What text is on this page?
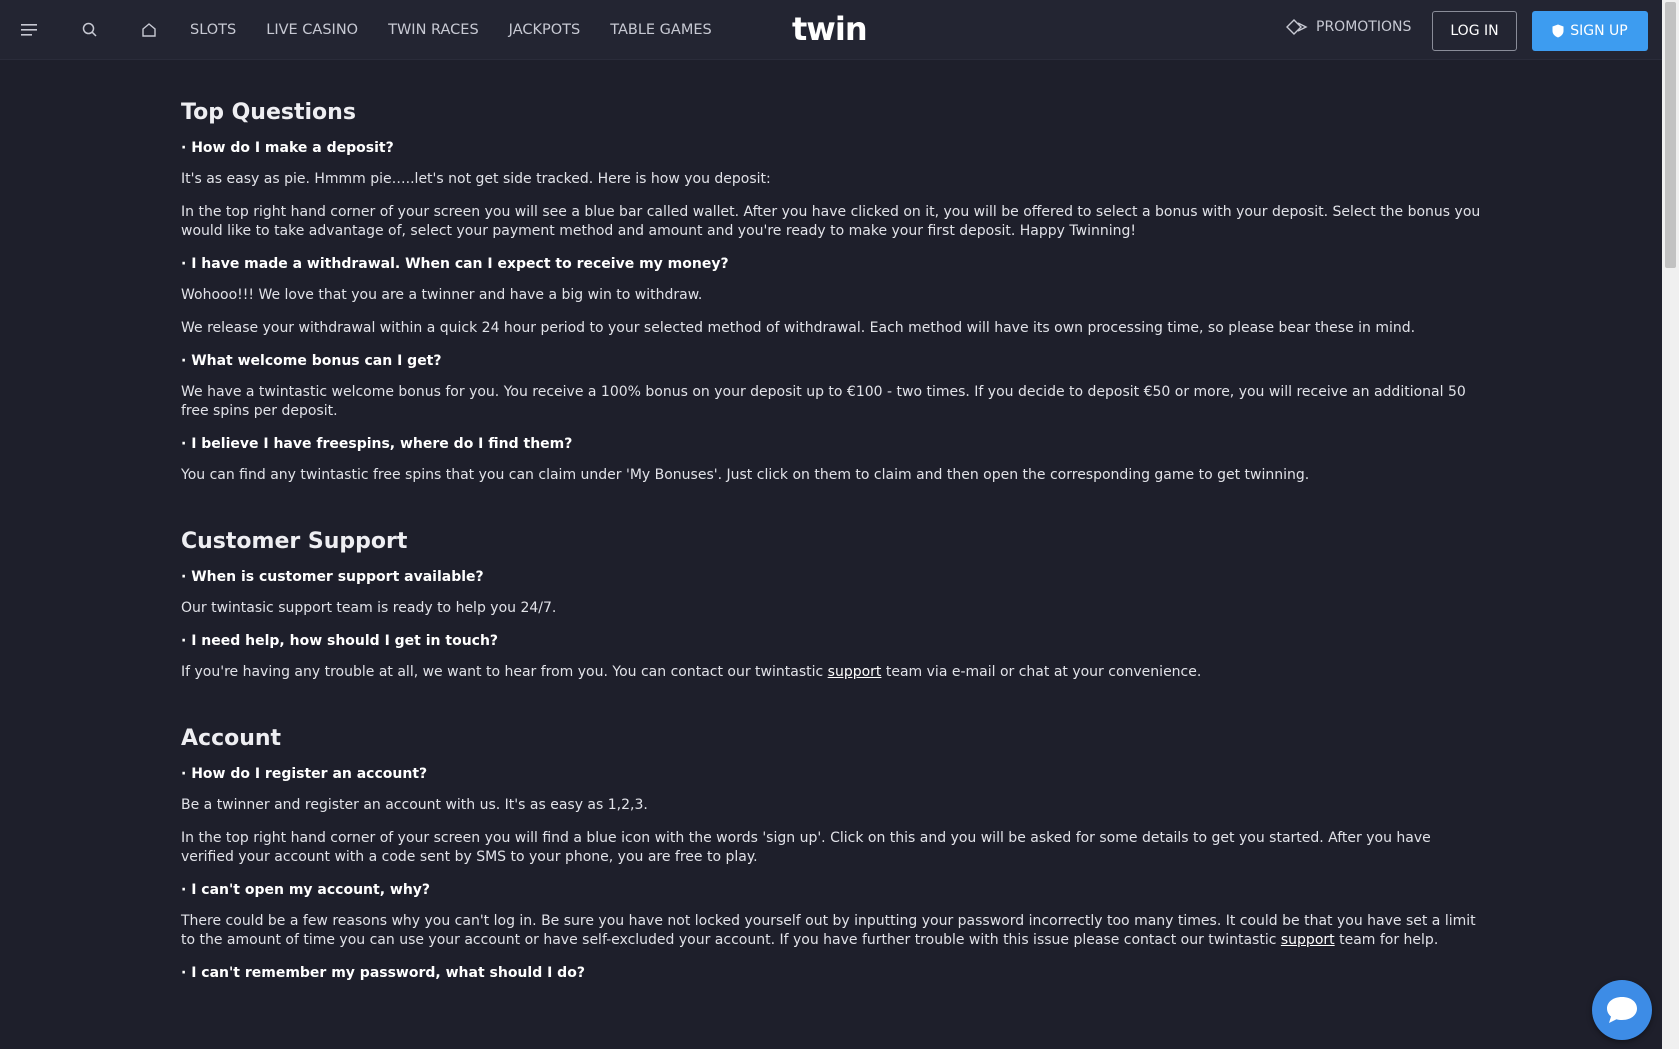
SLOTS LIVE CASINO TWIN RACES JACKPOTS TABLE GAMES	twin	PROMOTIONS	LOG IN	SIGN UP
Top Questions
· How do I make a deposit?
It's as easy as pie. Hmmm pie…..let's not get side tracked. Here is how you deposit:
In the top right hand corner of your screen you will see a blue bar called wallet. After you have clicked on it, you will be offered to select a bonus with your deposit. Select the bonus you would like to take advantage of, select your payment method and amount and you're ready to make your first deposit. Happy Twinning!
· I have made a withdrawal. When can I expect to receive my money?
Wohooo!!! We love that you are a twinner and have a big win to withdraw.
We release your withdrawal within a quick 24 hour period to your selected method of withdrawal. Each method will have its own processing time, so please bear these in mind.
· What welcome bonus can I get?
We have a twintastic welcome bonus for you. You receive a 100% bonus on your deposit up to €100 - two times. If you decide to deposit €50 or more, you will receive an additional 50 free spins per deposit.
· I believe I have freespins, where do I find them?
You can find any twintastic free spins that you can claim under 'My Bonuses'. Just click on them to claim and then open the corresponding game to get twinning.
Customer Support
· When is customer support available?
Our twintasic support team is ready to help you 24/7.
· I need help, how should I get in touch?
If you're having any trouble at all, we want to hear from you. You can contact our twintastic support team via e-mail or chat at your convenience.
Account
· How do I register an account?
Be a twinner and register an account with us. It's as easy as 1,2,3.
In the top right hand corner of your screen you will find a blue icon with the words 'sign up'. Click on this and you will be asked for some details to get you started. After you have verified your account with a code sent by SMS to your phone, you are free to play.
· I can't open my account, why?
There could be a few reasons why you can't log in. Be sure you have not locked yourself out by inputting your password incorrectly too many times. It could be that you have set a limit to the amount of time you can use your account or have self-excluded your account. If you have further trouble with this issue please contact our twintastic support team for help.
· I can't remember my password, what should I do?
